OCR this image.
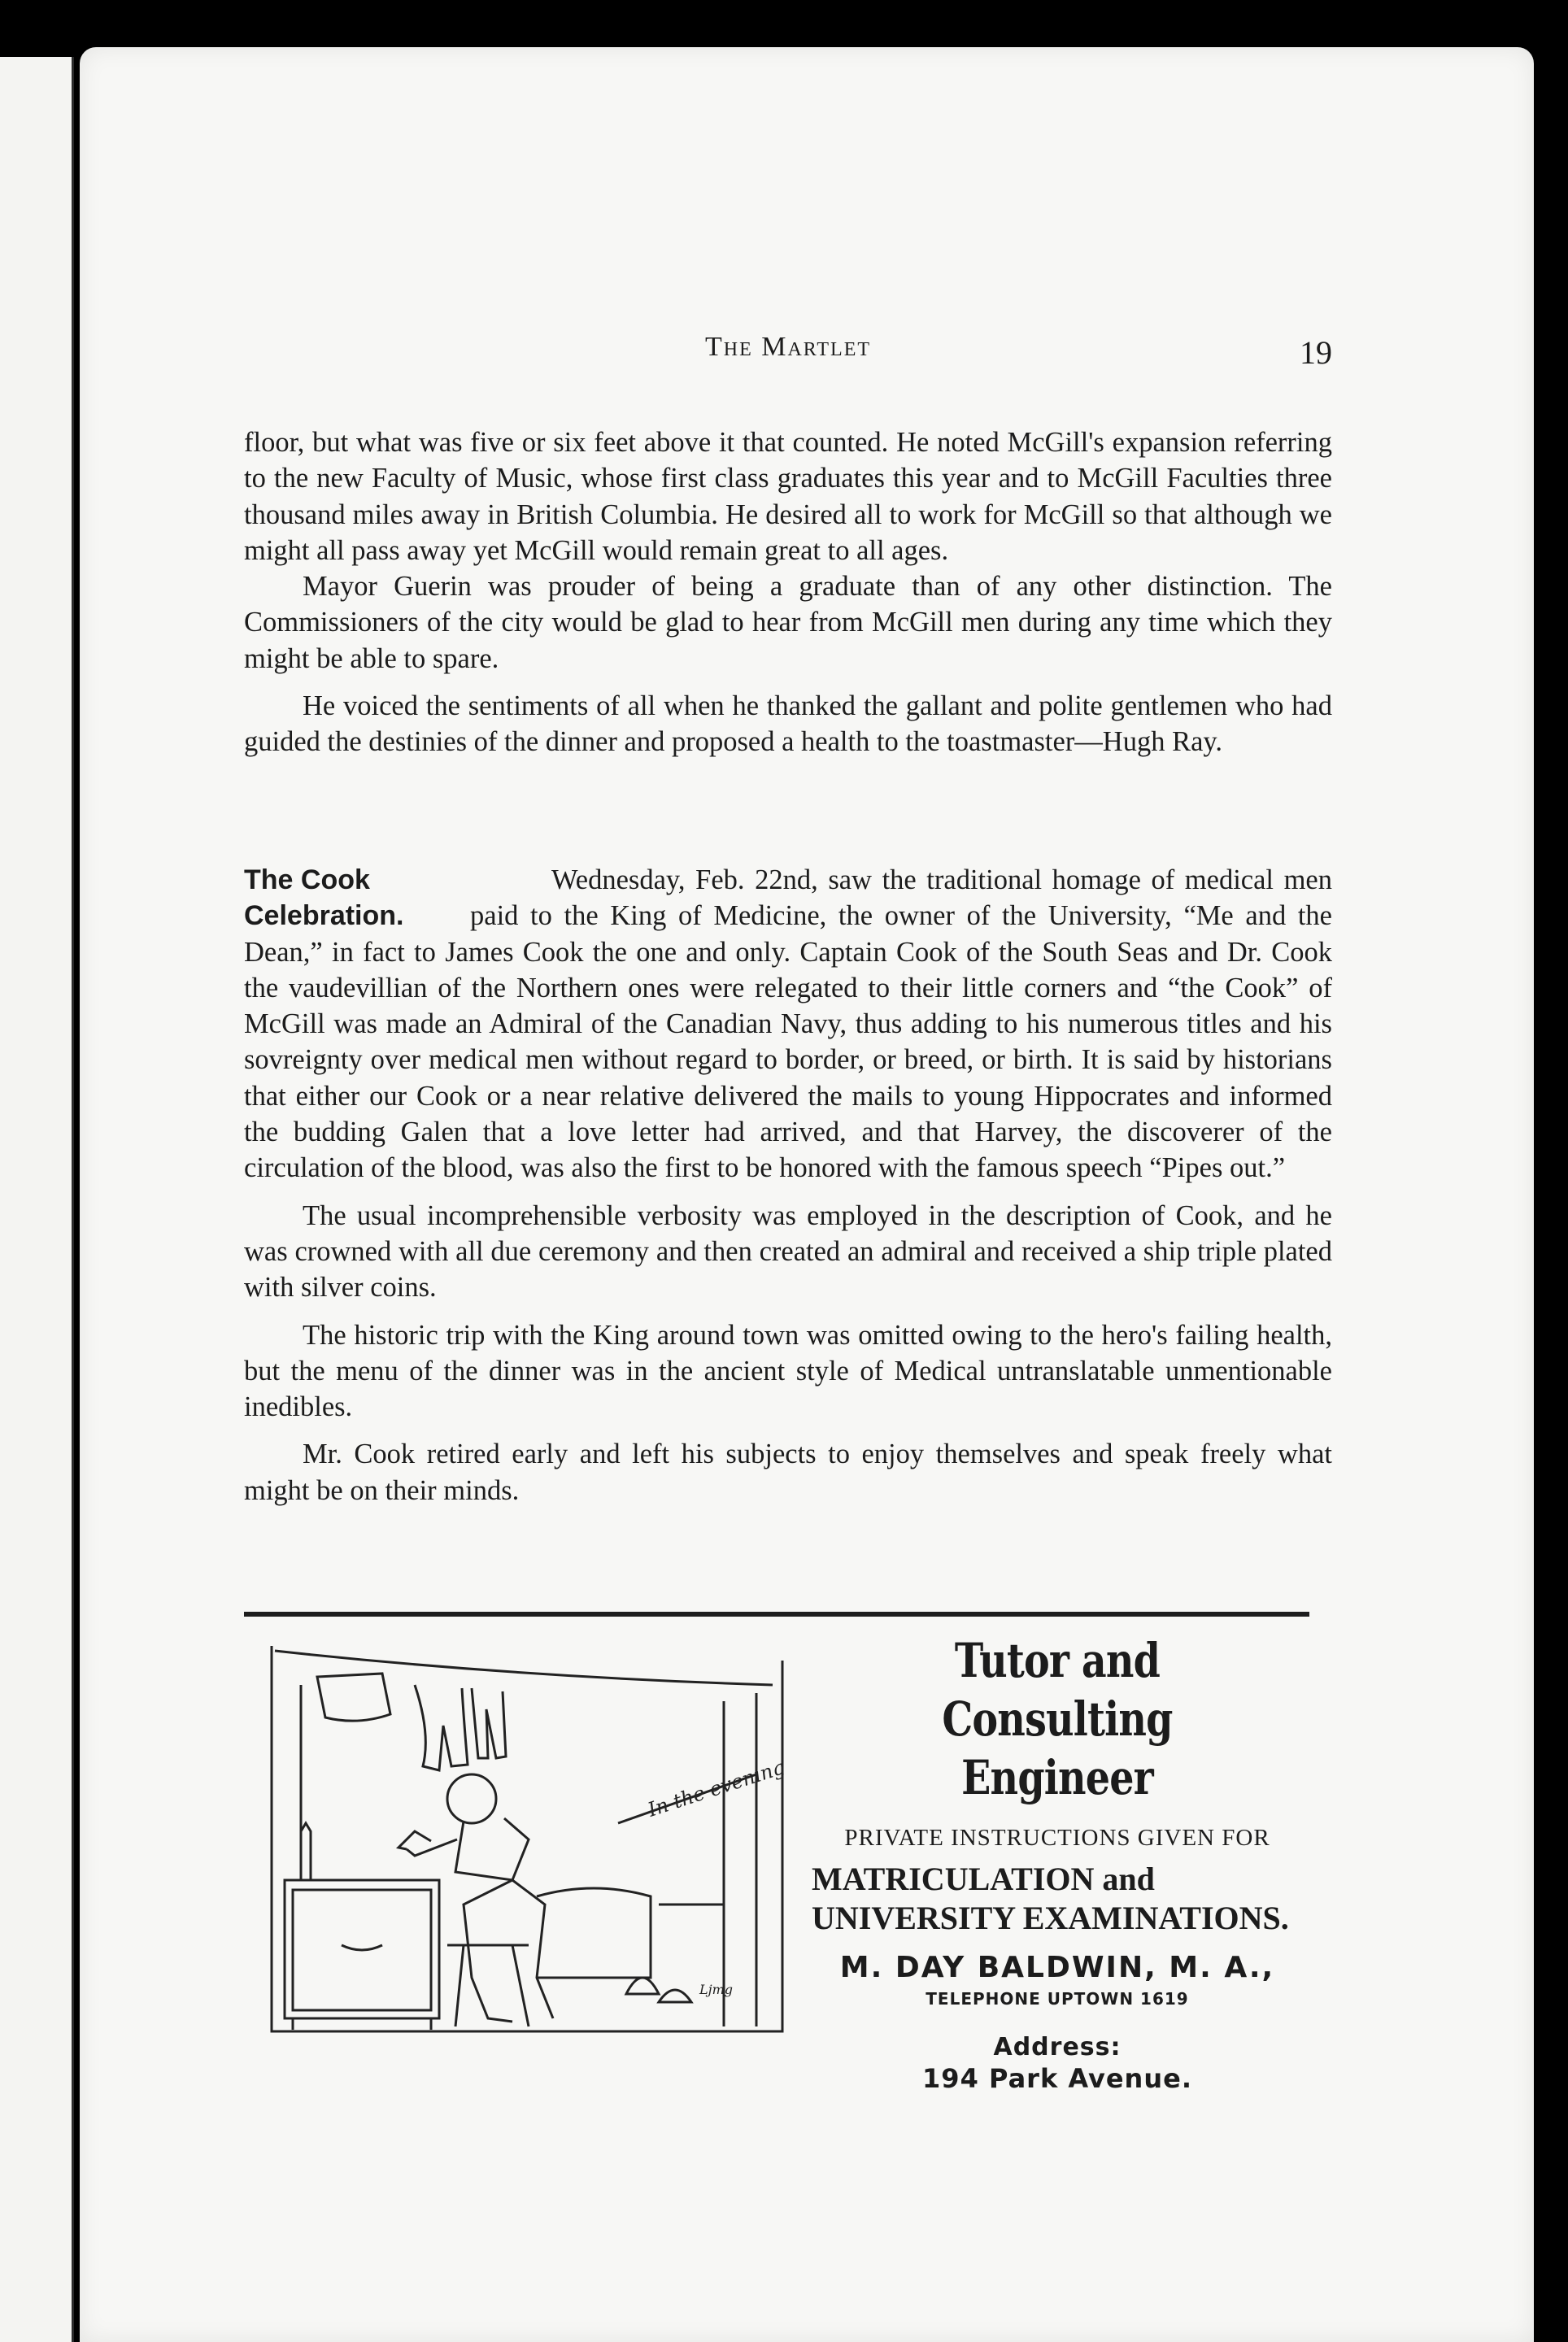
The Martlet	19

floor, but what was five or six feet above it that counted. He noted McGill's expansion referring to the new Faculty of Music, whose first class graduates this year and to McGill Faculties three thousand miles away in British Columbia. He desired all to work for McGill so that although we might all pass away yet McGill would remain great to all ages.

Mayor Guerin was prouder of being a graduate than of any other distinction. The Commissioners of the city would be glad to hear from McGill men during any time which they might be able to spare.

He voiced the sentiments of all when he thanked the gallant and polite gentlemen who had guided the destinies of the dinner and proposed a health to the toastmaster—Hugh Ray.

The Cook
Celebration.

Wednesday, Feb. 22nd, saw the traditional homage of medical men paid to the King of Medicine, the owner of the University, “Me and the Dean,” in fact to James Cook the one and only. Captain Cook of the South Seas and Dr. Cook the vaudevillian of the Northern ones were relegated to their little corners and “the Cook” of McGill was made an Admiral of the Canadian Navy, thus adding to his numerous titles and his sovreignty over medical men without regard to border, or breed, or birth. It is said by historians that either our Cook or a near relative delivered the mails to young Hippocrates and informed the budding Galen that a love letter had arrived, and that Harvey, the discoverer of the circulation of the blood, was also the first to be honored with the famous speech “Pipes out.”

The usual incomprehensible verbosity was employed in the description of Cook, and he was crowned with all due ceremony and then created an admiral and received a ship triple plated with silver coins.

The historic trip with the King around town was omitted owing to the hero's failing health, but the menu of the dinner was in the ancient style of Medical untranslatable unmentionable inedibles.

Mr. Cook retired early and left his subjects to enjoy themselves and speak freely what might be on their minds.

In the evening
Ljmg
Tutor and Consulting
Engineer
PRIVATE INSTRUCTIONS GIVEN FOR
MATRICULATION and
UNIVERSITY EXAMINATIONS.
M. DAY BALDWIN, M. A.,
TELEPHONE UPTOWN 1619
Address:
194 Park Avenue.
